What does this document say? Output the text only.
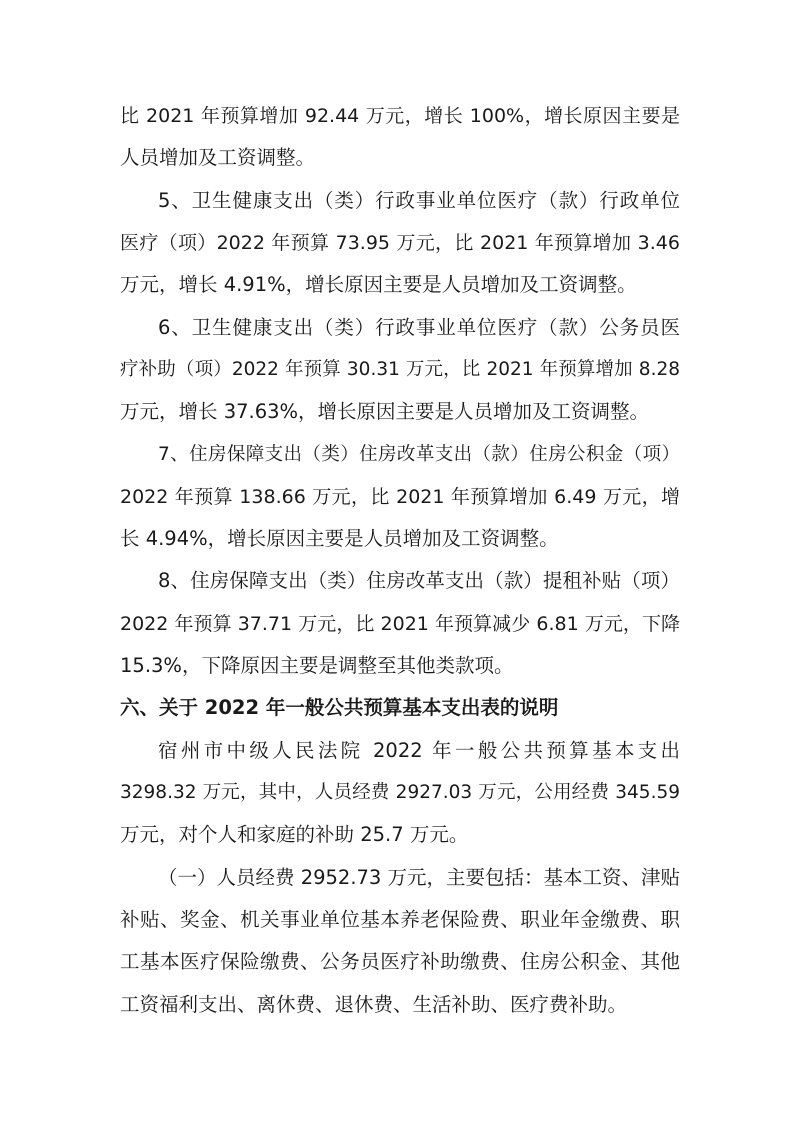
比 2021 年预算增加 92.44 万元，增长 100%，增长原因主要是
人员增加及工资调整。
5、卫生健康支出（类）行政事业单位医疗（款）行政单位
医疗（项）2022 年预算 73.95 万元，比 2021 年预算增加 3.46
万元，增长 4.91%，增长原因主要是人员增加及工资调整。
6、卫生健康支出（类）行政事业单位医疗（款）公务员医
疗补助（项）2022 年预算 30.31 万元，比 2021 年预算增加 8.28
万元，增长 37.63%，增长原因主要是人员增加及工资调整。
7、住房保障支出（类）住房改革支出（款）住房公积金（项）
2022 年预算 138.66 万元，比 2021 年预算增加 6.49 万元，增
长 4.94%，增长原因主要是人员增加及工资调整。
8、住房保障支出（类）住房改革支出（款）提租补贴（项）
2022 年预算 37.71 万元，比 2021 年预算减少 6.81 万元，下降
15.3%，下降原因主要是调整至其他类款项。
六、关于 2022 年一般公共预算基本支出表的说明
宿州市中级人民法院 2022 年一般公共预算基本支出
3298.32 万元，其中，人员经费 2927.03 万元，公用经费 345.59
万元，对个人和家庭的补助 25.7 万元。
（一）人员经费 2952.73 万元，主要包括：基本工资、津贴
补贴、奖金、机关事业单位基本养老保险费、职业年金缴费、职
工基本医疗保险缴费、公务员医疗补助缴费、住房公积金、其他
工资福利支出、离休费、退休费、生活补助、医疗费补助。
